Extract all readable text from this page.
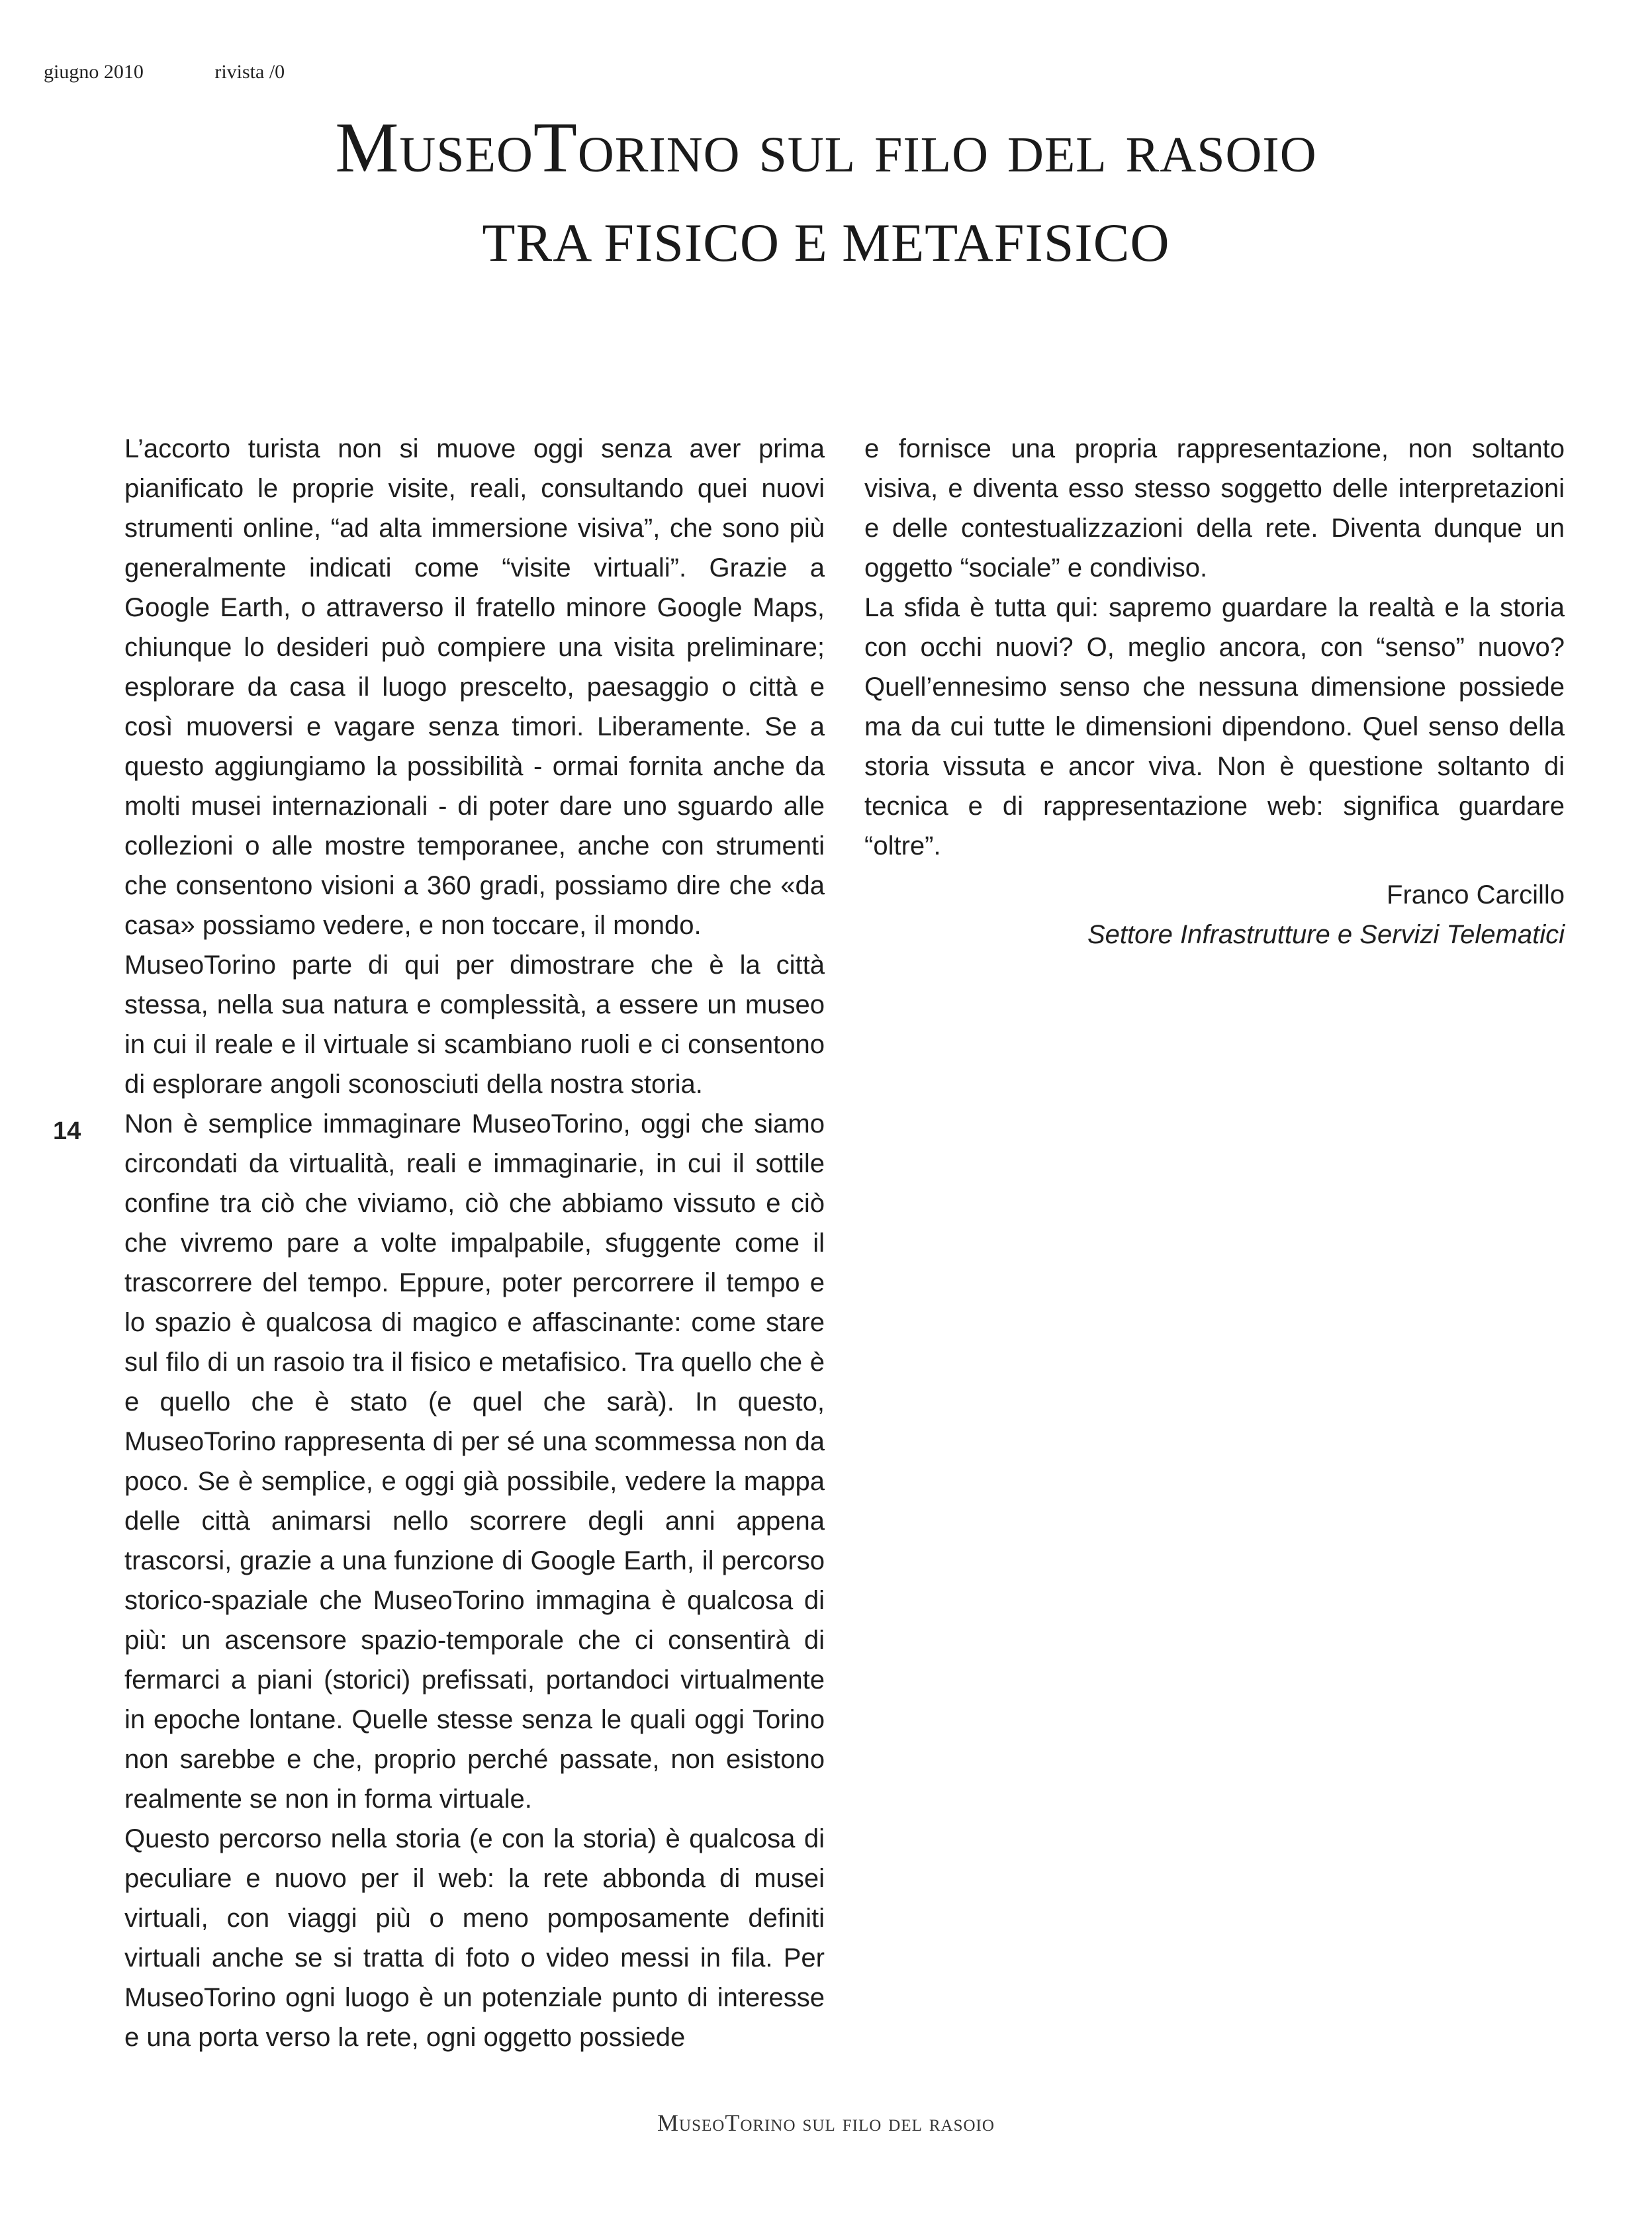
giugno 2010	rivista /0
MuseoTorino sul filo del rasoio
TRA FISICO E METAFISICO

L’accorto turista non si muove oggi senza aver prima pianificato le proprie visite, reali, consultando quei nuovi strumenti online, “ad alta immersione visiva”, che sono più generalmente indicati come “visite virtuali”. Grazie a Google Earth, o attraverso il fratello minore Google Maps, chiunque lo desideri può compiere una visita preliminare; esplorare da casa il luogo prescelto, paesaggio o città e così muoversi e vagare senza timori. Liberamente. Se a questo aggiungiamo la possibilità - ormai fornita anche da molti musei internazionali - di poter dare uno sguardo alle collezioni o alle mostre temporanee, anche con strumenti che consentono visioni a 360 gradi, possiamo dire che «da casa» possiamo vedere, e non toccare, il mondo.

MuseoTorino parte di qui per dimostrare che è la città stessa, nella sua natura e complessità, a essere un museo in cui il reale e il virtuale si scambiano ruoli e ci consentono di esplorare angoli sconosciuti della nostra storia.

Non è semplice immaginare MuseoTorino, oggi che siamo circondati da virtualità, reali e immaginarie, in cui il sottile confine tra ciò che viviamo, ciò che abbiamo vissuto e ciò che vivremo pare a volte impalpabile, sfuggente come il trascorrere del tempo. Eppure, poter percorrere il tempo e lo spazio è qualcosa di magico e affascinante: come stare sul filo di un rasoio tra il fisico e metafisico. Tra quello che è e quello che è stato (e quel che sarà). In questo, MuseoTorino rappresenta di per sé una scommessa non da poco. Se è semplice, e oggi già possibile, vedere la mappa delle città animarsi nello scorrere degli anni appena trascorsi, grazie a una funzione di Google Earth, il percorso storico-spaziale che MuseoTorino immagina è qualcosa di più: un ascensore spazio-temporale che ci consentirà di fermarci a piani (storici) prefissati, portandoci virtualmente in epoche lontane. Quelle stesse senza le quali oggi Torino non sarebbe e che, proprio perché passate, non esistono realmente se non in forma virtuale.

Questo percorso nella storia (e con la storia) è qualcosa di peculiare e nuovo per il web: la rete abbonda di musei virtuali, con viaggi più o meno pomposamente definiti virtuali anche se si tratta di foto o video messi in fila. Per MuseoTorino ogni luogo è un potenziale punto di interesse e una porta verso la rete, ogni oggetto possiede

e fornisce una propria rappresentazione, non soltanto visiva, e diventa esso stesso soggetto delle interpretazioni e delle contestualizzazioni della rete. Diventa dunque un oggetto “sociale” e condiviso.

La sfida è tutta qui: sapremo guardare la realtà e la storia con occhi nuovi? O, meglio ancora, con “senso” nuovo? Quell’ennesimo senso che nessuna dimensione possiede ma da cui tutte le dimensioni dipendono. Quel senso della storia vissuta e ancor viva. Non è questione soltanto di tecnica e di rappresentazione web: significa guardare “oltre”.

Franco Carcillo
Settore Infrastrutture e Servizi Telematici
14
MuseoTorino sul filo del rasoio
